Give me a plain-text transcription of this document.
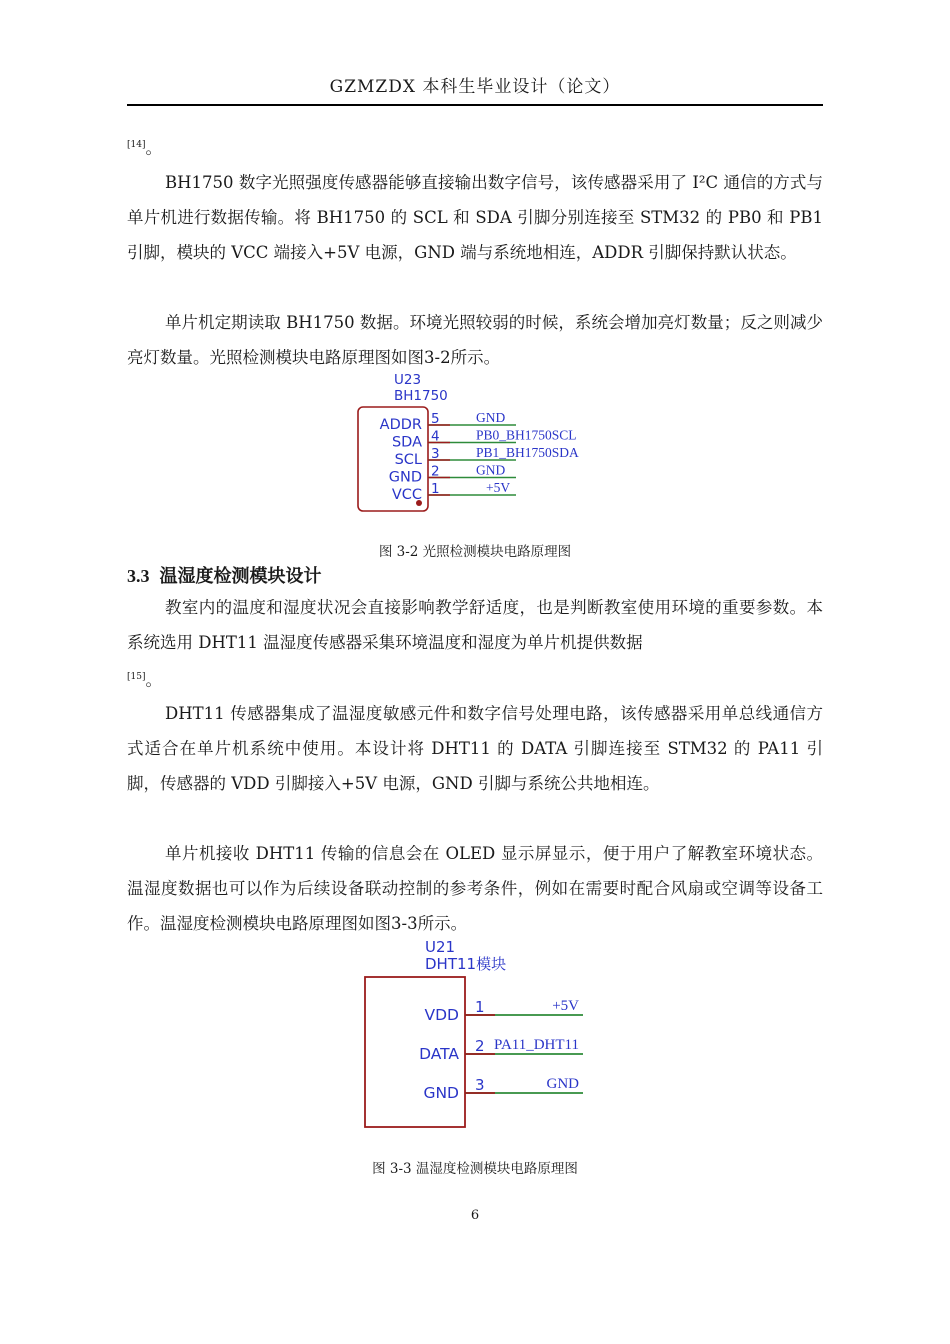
GZMZDX 本科生毕业设计（论文）

[14]。

BH1750 数字光照强度传感器能够直接输出数字信号，该传感器采用了 I²C 通信的方式与单片机进行数据传输。将 BH1750 的 SCL 和 SDA 引脚分别连接至 STM32 的 PB0 和 PB1 引脚，模块的 VCC 端接入+5V 电源，GND 端与系统地相连，ADDR 引脚保持默认状态。

单片机定期读取 BH1750 数据。环境光照较弱的时候，系统会增加亮灯数量；反之则减少亮灯数量。光照检测模块电路原理图如图3-2所示。

U23
BH1750
ADDR 5	GND
SDA 4	PB0_BH1750SCL
SCL 3	PB1_BH1750SDA
GND 2	GND
VCC 1	+5V
图 3-2 光照检测模块电路原理图
3.3 温湿度检测模块设计

教室内的温度和湿度状况会直接影响教学舒适度，也是判断教室使用环境的重要参数。本系统选用 DHT11 温湿度传感器采集环境温度和湿度为单片机提供数据
[15]。

DHT11 传感器集成了温湿度敏感元件和数字信号处理电路，该传感器采用单总线通信方式适合在单片机系统中使用。本设计将 DHT11 的 DATA 引脚连接至 STM32 的 PA11 引脚，传感器的 VDD 引脚接入+5V 电源，GND 引脚与系统公共地相连。

单片机接收 DHT11 传输的信息会在 OLED 显示屏显示，便于用户了解教室环境状态。温湿度数据也可以作为后续设备联动控制的参考条件，例如在需要时配合风扇或空调等设备工作。温湿度检测模块电路原理图如图3-3所示。

U21
DHT11模块
VDD 1	+5V
DATA 2 PA11_DHT11
GND 3	GND
图 3-3 温湿度检测模块电路原理图
6
